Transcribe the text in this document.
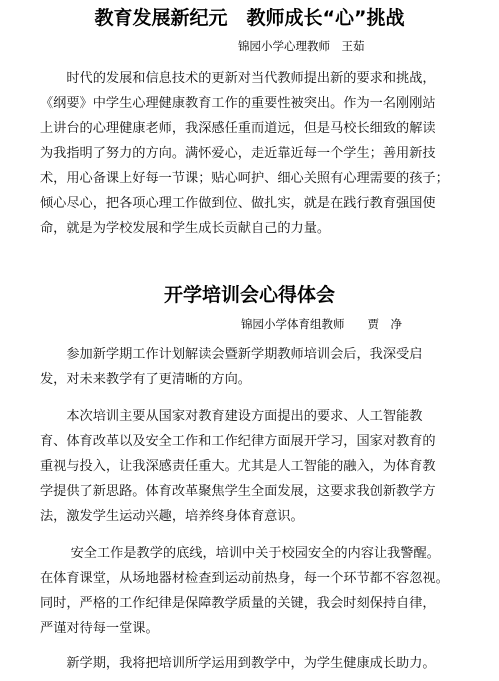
教育发展新纪元　教师成长“心”挑战
锦园小学心理教师　王茹
　　时代的发展和信息技术的更新对当代教师提出新的要求和挑战，
《纲要》中学生心理健康教育工作的重要性被突出。作为一名刚刚站
上讲台的心理健康老师，我深感任重而道远，但是马校长细致的解读
为我指明了努力的方向。满怀爱心，走近靠近每一个学生；善用新技
术，用心备课上好每一节课；贴心呵护、细心关照有心理需要的孩子；
倾心尽心，把各项心理工作做到位、做扎实，就是在践行教育强国使
命，就是为学校发展和学生成长贡献自己的力量。
开学培训会心得体会
锦园小学体育组教师　　贾　净
　　参加新学期工作计划解读会暨新学期教师培训会后，我深受启
发，对未来教学有了更清晰的方向。
　　本次培训主要从国家对教育建设方面提出的要求、人工智能教
育、体育改革以及安全工作和工作纪律方面展开学习，国家对教育的
重视与投入，让我深感责任重大。尤其是人工智能的融入，为体育教
学提供了新思路。体育改革聚焦学生全面发展，这要求我创新教学方
法，激发学生运动兴趣，培养终身体育意识。
　　 安全工作是教学的底线，培训中关于校园安全的内容让我警醒。
在体育课堂，从场地器材检查到运动前热身，每一个环节都不容忽视。
同时，严格的工作纪律是保障教学质量的关键，我会时刻保持自律，
严谨对待每一堂课。
　　新学期，我将把培训所学运用到教学中，为学生健康成长助力。
